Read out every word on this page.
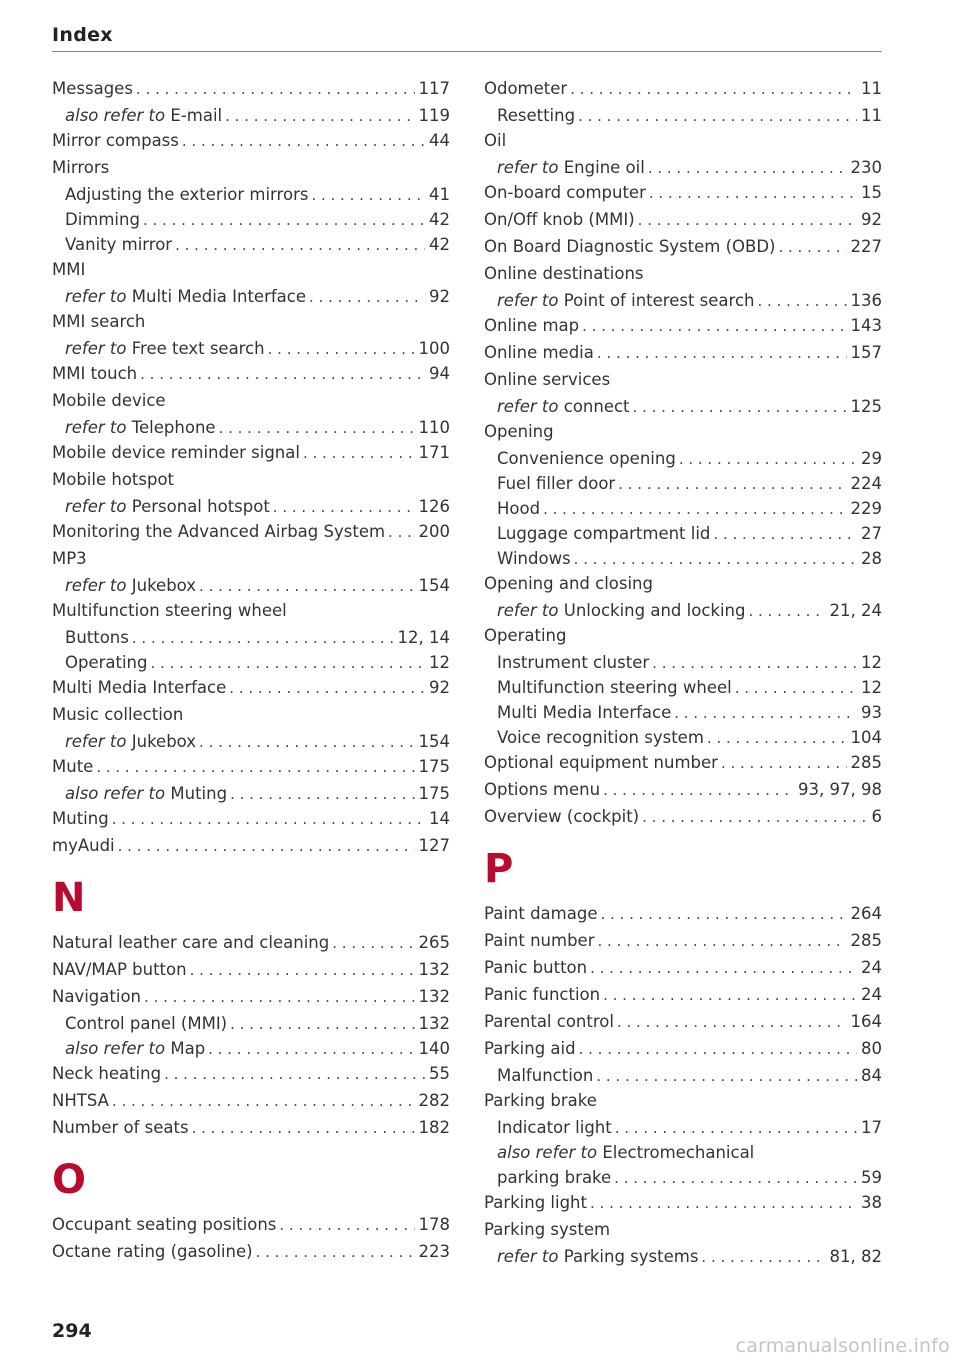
Index
Messages . . .	117
also refer to E-mail . . .	119
Mirror compass . . .	44
Mirrors
Adjusting the exterior mirrors . . .	41
Dimming . . .	42
Vanity mirror . . .	42
MMI
refer to Multi Media Interface . . .	92
MMI search
refer to Free text search . . .	100
MMI touch . . .	94
Mobile device
refer to Telephone . . .	110
Mobile device reminder signal . . .	171
Mobile hotspot
refer to Personal hotspot . . .	126
Monitoring the Advanced Airbag System . . . 200
MP3
refer to Jukebox . . .	154
Multifunction steering wheel
Buttons . . .	12, 14
Operating . . .	12
Multi Media Interface . . .	92
Music collection
refer to Jukebox . . .	154
Mute . . .	175
also refer to Muting . . .	175
Muting . . .	14
myAudi . . .	127
N
Natural leather care and cleaning . . .	265
NAV/MAP button . . .	132
Navigation . . .	132
Control panel (MMI) . . .	132
also refer to Map . . .	140
Neck heating . . .	55
NHTSA . . .	282
Number of seats . . .	182
O
Occupant seating positions . . .	178
Octane rating (gasoline) . . .	223
Odometer . . .	11
Resetting . . .	11
Oil
refer to Engine oil . . .	230
On-board computer . . .	15
On/Off knob (MMI) . . .	92
On Board Diagnostic System (OBD) . . .	227
Online destinations
refer to Point of interest search . . .	136
Online map . . .	143
Online media . . .	157
Online services
refer to connect . . .	125
Opening
Convenience opening . . .	29
Fuel filler door . . .	224
Hood . . .	229
Luggage compartment lid . . .	27
Windows . . .	28
Opening and closing
refer to Unlocking and locking . . .	21, 24
Operating
Instrument cluster . . .	12
Multifunction steering wheel . . .	12
Multi Media Interface . . .	93
Voice recognition system . . .	104
Optional equipment number . . .	285
Options menu . . .	93, 97, 98
Overview (cockpit) . . .	6
P
Paint damage . . .	264
Paint number . . .	285
Panic button . . .	24
Panic function . . .	24
Parental control . . .	164
Parking aid . . .	80
Malfunction . . .	84
Parking brake
Indicator light . . .	17
also refer to Electromechanical
parking brake . . .	59
Parking light . . .	38
Parking system
refer to Parking systems . . .	81, 82
294
carmanualsonline.info
